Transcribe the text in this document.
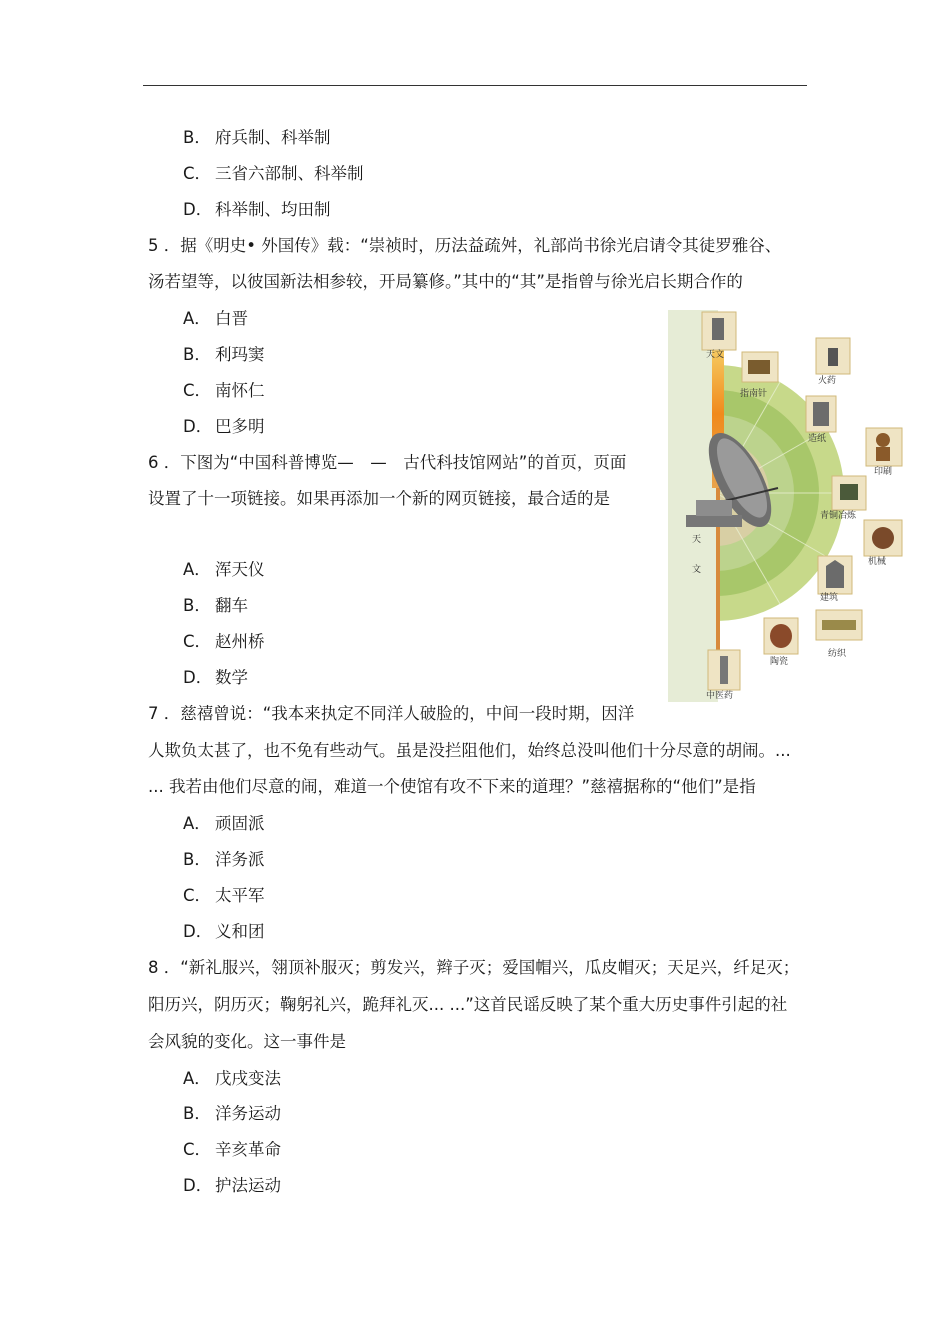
B． 府兵制、科举制
C． 三省六部制、科举制
D． 科举制、均田制
5 ．据《明史• 外国传》载：“崇祯时，历法益疏舛，礼部尚书徐光启请令其徒罗雅谷、
汤若望等，以彼国新法相参较，开局纂修。”其中的“其”是指曾与徐光启长期合作的
A． 白晋
B． 利玛窦
C． 南怀仁
D． 巴多明
6 ．下图为“中国科普博览—　—　古代科技馆网站”的首页，页面
设置了十一项链接。如果再添加一个新的网页链接，最合适的是
A． 浑天仪
B． 翻车
C． 赵州桥
D． 数学
天
文
天文
指南针
火药
造纸
印刷
青铜冶炼
机械
建筑
纺织
陶瓷
中医药
7 ．慈禧曾说：“我本来执定不同洋人破脸的，中间一段时期，因洋
人欺负太甚了，也不免有些动气。虽是没拦阻他们，始终总没叫他们十分尽意的胡闹。...
... 我若由他们尽意的闹，难道一个使馆有攻不下来的道理？”慈禧据称的“他们”是指
A． 顽固派
B． 洋务派
C． 太平军
D． 义和团
8 ．“新礼服兴，翎顶补服灭；剪发兴，辫子灭；爱国帽兴，瓜皮帽灭；天足兴，纤足灭；
阳历兴，阴历灭；鞠躬礼兴，跪拜礼灭... ...”这首民谣反映了某个重大历史事件引起的社
会风貌的变化。这一事件是
A． 戊戌变法
B． 洋务运动
C． 辛亥革命
D． 护法运动
